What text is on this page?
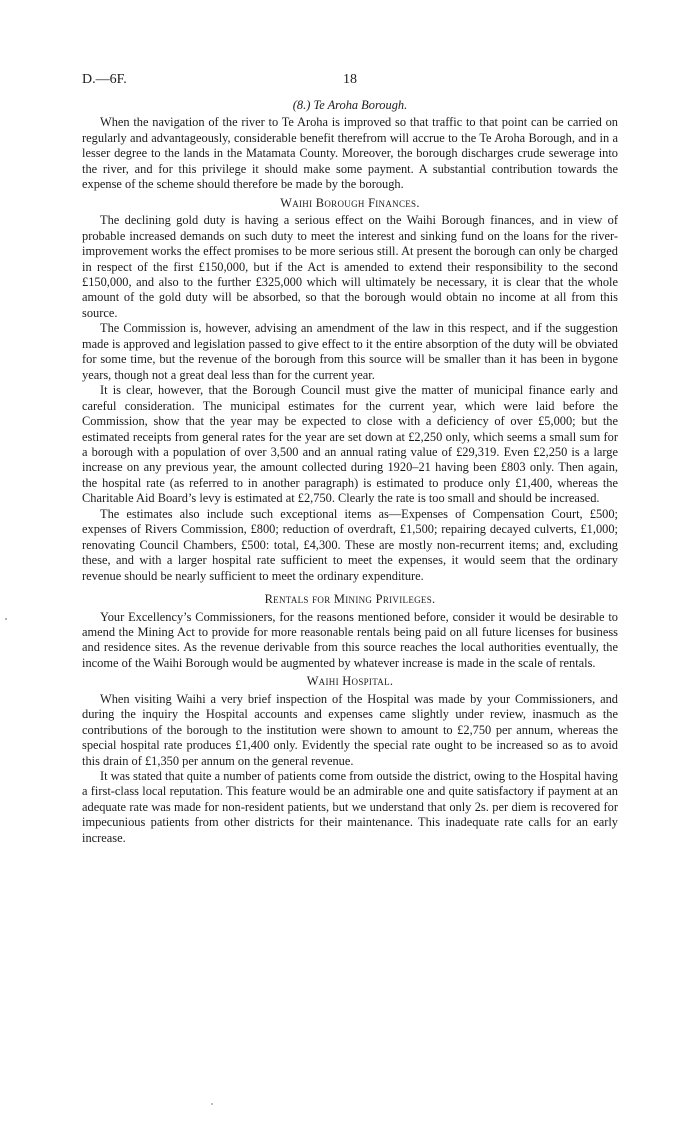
D.—6F.	18
(8.) Te Aroha Borough.

When the navigation of the river to Te Aroha is improved so that traffic to that point can be carried on regularly and advantageously, considerable benefit therefrom will accrue to the Te Aroha Borough, and in a lesser degree to the lands in the Matamata County. Moreover, the borough discharges crude sewerage into the river, and for this privilege it should make some payment. A substantial contribution towards the expense of the scheme should therefore be made by the borough.

Waihi Borough Finances.

The declining gold duty is having a serious effect on the Waihi Borough finances, and in view of probable increased demands on such duty to meet the interest and sinking fund on the loans for the river-improvement works the effect promises to be more serious still. At present the borough can only be charged in respect of the first £150,000, but if the Act is amended to extend their responsibility to the second £150,000, and also to the further £325,000 which will ultimately be necessary, it is clear that the whole amount of the gold duty will be absorbed, so that the borough would obtain no income at all from this source.

The Commission is, however, advising an amendment of the law in this respect, and if the suggestion made is approved and legislation passed to give effect to it the entire absorption of the duty will be obviated for some time, but the revenue of the borough from this source will be smaller than it has been in bygone years, though not a great deal less than for the current year.

It is clear, however, that the Borough Council must give the matter of municipal finance early and careful consideration. The municipal estimates for the current year, which were laid before the Commission, show that the year may be expected to close with a deficiency of over £5,000; but the estimated receipts from general rates for the year are set down at £2,250 only, which seems a small sum for a borough with a population of over 3,500 and an annual rating value of £29,319. Even £2,250 is a large increase on any previous year, the amount collected during 1920–21 having been £803 only. Then again, the hospital rate (as referred to in another paragraph) is estimated to produce only £1,400, whereas the Charitable Aid Board’s levy is estimated at £2,750. Clearly the rate is too small and should be increased.

The estimates also include such exceptional items as—Expenses of Compensation Court, £500; expenses of Rivers Commission, £800; reduction of overdraft, £1,500; repairing decayed culverts, £1,000; renovating Council Chambers, £500: total, £4,300. These are mostly non-recurrent items; and, excluding these, and with a larger hospital rate sufficient to meet the expenses, it would seem that the ordinary revenue should be nearly sufficient to meet the ordinary expenditure.

Rentals for Mining Privileges.

Your Excellency’s Commissioners, for the reasons mentioned before, consider it would be desirable to amend the Mining Act to provide for more reasonable rentals being paid on all future licenses for business and residence sites. As the revenue derivable from this source reaches the local authorities eventually, the income of the Waihi Borough would be augmented by whatever increase is made in the scale of rentals.

Waihi Hospital.

When visiting Waihi a very brief inspection of the Hospital was made by your Commissioners, and during the inquiry the Hospital accounts and expenses came slightly under review, inasmuch as the contributions of the borough to the institution were shown to amount to £2,750 per annum, whereas the special hospital rate produces £1,400 only. Evidently the special rate ought to be increased so as to avoid this drain of £1,350 per annum on the general revenue.

It was stated that quite a number of patients come from outside the district, owing to the Hospital having a first-class local reputation. This feature would be an admirable one and quite satisfactory if payment at an adequate rate was made for non-resident patients, but we understand that only 2s. per diem is recovered for impecunious patients from other districts for their maintenance. This inadequate rate calls for an early increase.
